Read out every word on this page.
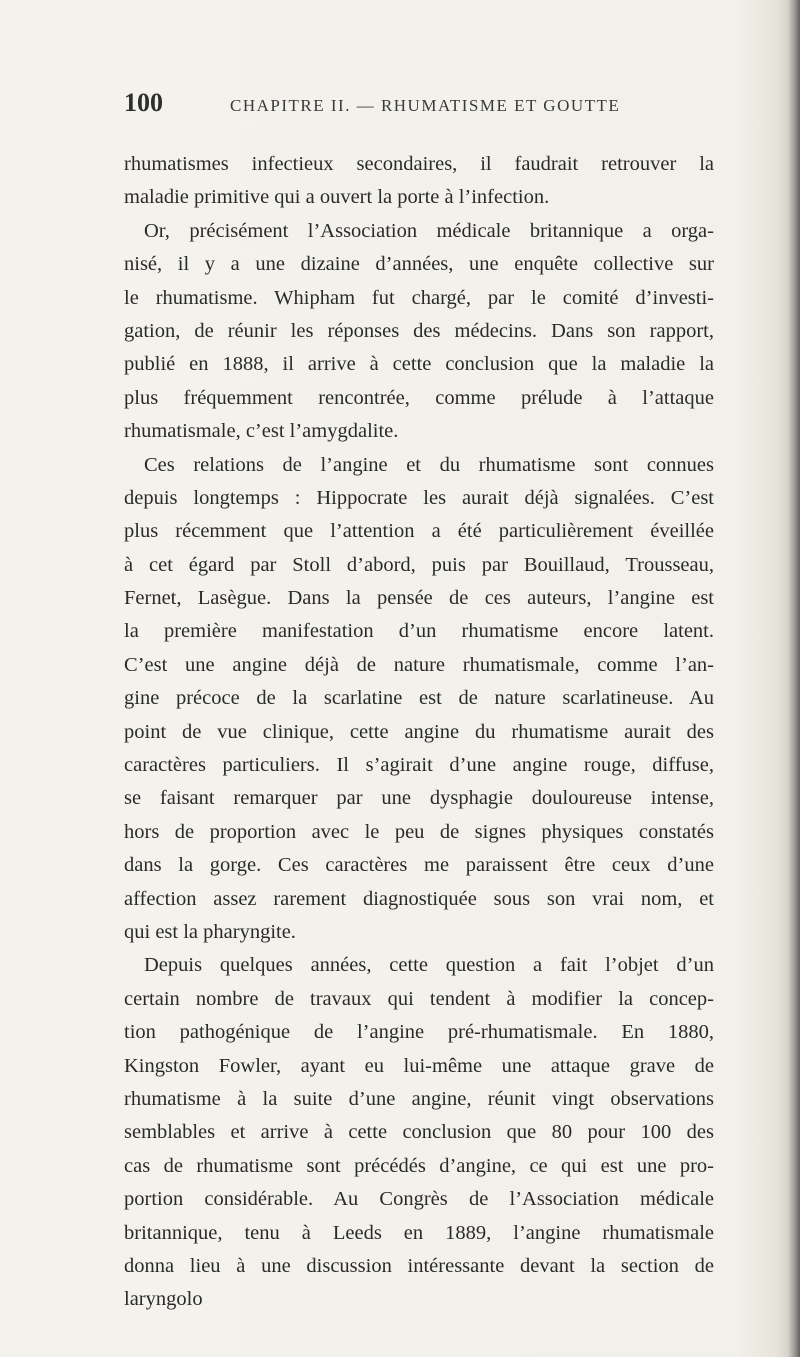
100	CHAPITRE II. — RHUMATISME ET GOUTTE
rhumatismes infectieux secondaires, il faudrait retrouver la
maladie primitive qui a ouvert la porte à l’infection.
Or, précisément l’Association médicale britannique a orga-
nisé, il y a une dizaine d’années, une enquête collective sur
le rhumatisme. Whipham fut chargé, par le comité d’investi-
gation, de réunir les réponses des médecins. Dans son rapport,
publié en 1888, il arrive à cette conclusion que la maladie la
plus fréquemment rencontrée, comme prélude à l’attaque
rhumatismale, c’est l’amygdalite.
Ces relations de l’angine et du rhumatisme sont connues
depuis longtemps : Hippocrate les aurait déjà signalées. C’est
plus récemment que l’attention a été particulièrement éveillée
à cet égard par Stoll d’abord, puis par Bouillaud, Trousseau,
Fernet, Lasègue. Dans la pensée de ces auteurs, l’angine est
la première manifestation d’un rhumatisme encore latent.
C’est une angine déjà de nature rhumatismale, comme l’an-
gine précoce de la scarlatine est de nature scarlatineuse. Au
point de vue clinique, cette angine du rhumatisme aurait des
caractères particuliers. Il s’agirait d’une angine rouge, diffuse,
se faisant remarquer par une dysphagie douloureuse intense,
hors de proportion avec le peu de signes physiques constatés
dans la gorge. Ces caractères me paraissent être ceux d’une
affection assez rarement diagnostiquée sous son vrai nom, et
qui est la pharyngite.
Depuis quelques années, cette question a fait l’objet d’un
certain nombre de travaux qui tendent à modifier la concep-
tion pathogénique de l’angine pré-rhumatismale. En 1880,
Kingston Fowler, ayant eu lui-même une attaque grave de
rhumatisme à la suite d’une angine, réunit vingt observations
semblables et arrive à cette conclusion que 80 pour 100 des
cas de rhumatisme sont précédés d’angine, ce qui est une pro-
portion considérable. Au Congrès de l’Association médicale
britannique, tenu à Leeds en 1889, l’angine rhumatismale
donna lieu à une discussion intéressante devant la section de
laryngolo
